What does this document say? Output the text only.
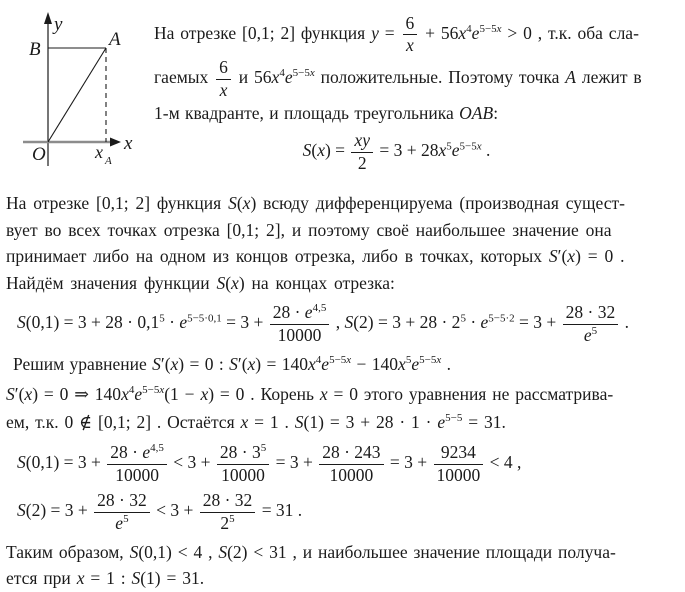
y
x
B	A
O	x A
На отрезке [0,1; 2] функция $y = \frac{6}{x} + 56x^4e^{5-5x} > 0$ , т.к. оба сла-
гаемых $\frac{6}{x}$ и $56x^4e^{5-5x}$ положительные. Поэтому точка A лежит в
1-м квадранте, и площадь треугольника OAB:
$S(x) = \frac{xy}{2} = 3 + 28x^5e^{5-5x}$ .
На отрезке [0,1; 2] функция S(x) всюду дифференцируема (производная сущест-
вует во всех точках отрезка [0,1; 2], и поэтому своё наибольшее значение она
принимает либо на одном из концов отрезка, либо в точках, которых S′(x) = 0 .
Найдём значения функции S(x) на концах отрезка:
$S(0,1) = 3 + 28 \cdot 0,1^5 \cdot e^{5-5\cdot 0,1} = 3 + \frac{28 \cdot e^{4,5}}{10000}$ , $S(2) = 3 + 28 \cdot 2^5 \cdot e^{5-5\cdot 2} = 3 + \frac{28 \cdot 32}{e^5}$ .
Решим уравнение S′(x) = 0 : $S'(x) = 140x^4e^{5-5x} - 140x^5e^{5-5x}$ .
S′(x) = 0 ⇒ $140x^4e^{5-5x}(1 - x) = 0$ . Корень x = 0 этого уравнения не рассматрива-
ем, т.к. 0 ∉ [0,1; 2] . Остаётся x = 1 . $S(1) = 3 + 28 \cdot 1 \cdot e^{5-5} = 31$.
$S(0,1) = 3 + \frac{28 \cdot e^{4,5}}{10000} < 3 + \frac{28 \cdot 3^5}{10000} = 3 + \frac{28 \cdot 243}{10000} = 3 + \frac{9234}{10000} < 4$ ,
$S(2) = 3 + \frac{28 \cdot 32}{e^5} < 3 + \frac{28 \cdot 32}{2^5} = 31$ .
Таким образом, S(0,1) < 4 , S(2) < 31 , и наибольшее значение площади получа-
ется при x = 1 : S(1) = 31.
